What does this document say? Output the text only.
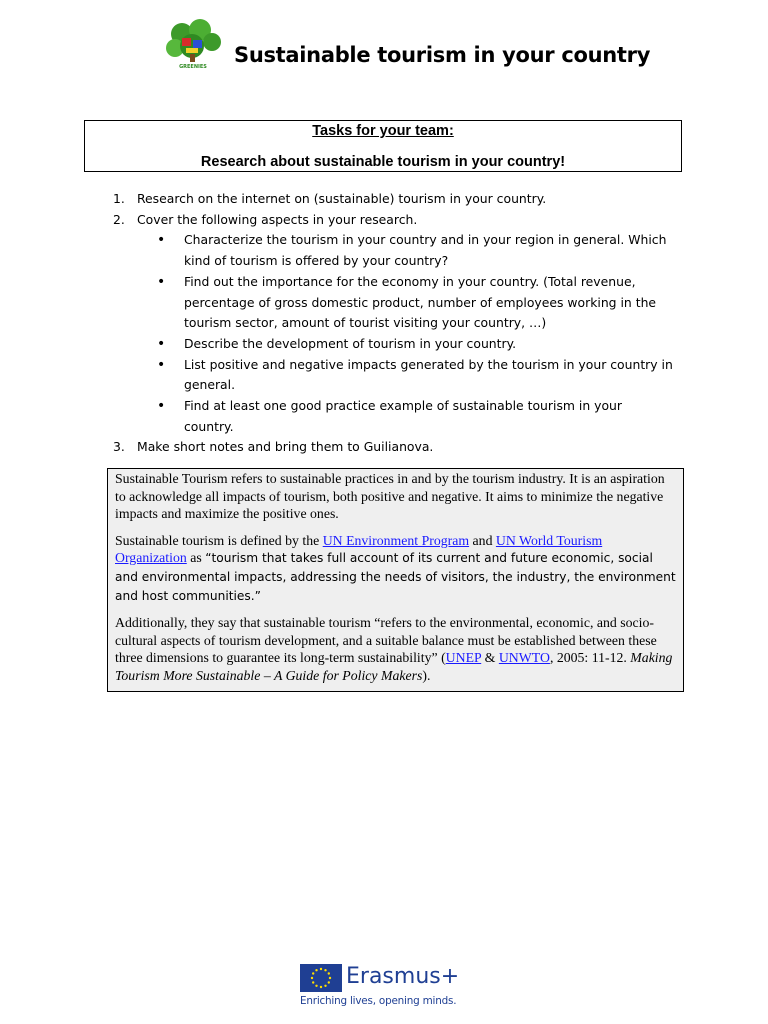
GREENIES Sustainable tourism in your country
Tasks for your team:
Research about sustainable tourism in your country!
1. Research on the internet on (sustainable) tourism in your country.
2. Cover the following aspects in your research.
• Characterize the tourism in your country and in your region in general. Which
kind of tourism is offered by your country?
• Find out the importance for the economy in your country. (Total revenue,
percentage of gross domestic product, number of employees working in the
tourism sector, amount of tourist visiting your country, …)
• Describe the development of tourism in your country.
• List positive and negative impacts generated by the tourism in your country in
general.
• Find at least one good practice example of sustainable tourism in your
country.
3. Make short notes and bring them to Guilianova.

Sustainable Tourism refers to sustainable practices in and by the tourism industry. It is an aspiration to acknowledge all impacts of tourism, both positive and negative. It aims to minimize the negative impacts and maximize the positive ones.

Sustainable tourism is defined by the UN Environment Program and UN World Tourism Organization as “tourism that takes full account of its current and future economic, social and environmental impacts, addressing the needs of visitors, the industry, the environment and host communities.”

Additionally, they say that sustainable tourism “refers to the environmental, economic, and socio-cultural aspects of tourism development, and a suitable balance must be established between these three dimensions to guarantee its long-term sustainability” (UNEP & UNWTO, 2005: 11-12. Making Tourism More Sustainable – A Guide for Policy Makers).

Erasmus+
Enriching lives, opening minds.
